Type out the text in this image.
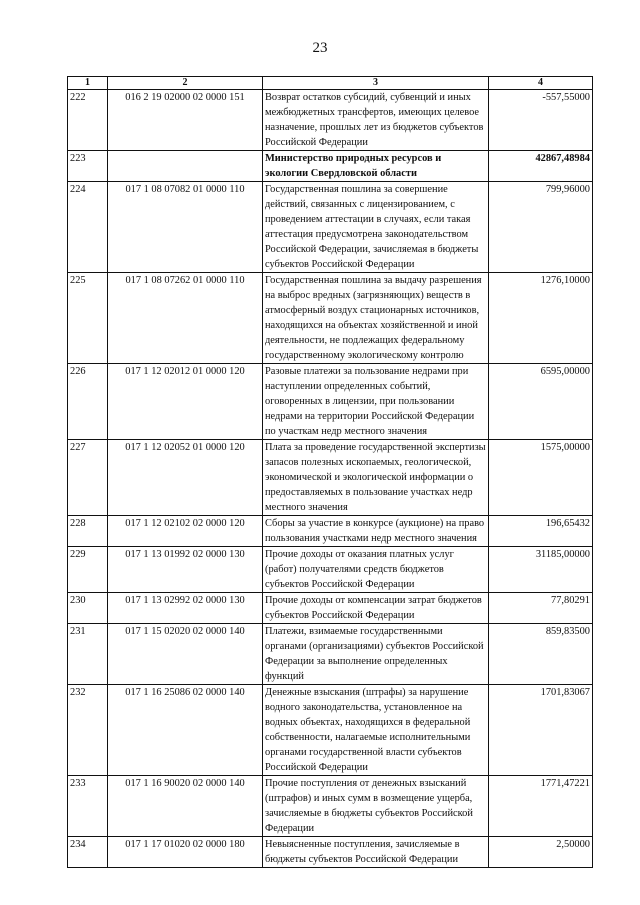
23
1	2	3	4
222	016 2 19 02000 02 0000 151	Возврат остатков субсидий, субвенций и иных межбюджетных трансфертов, имеющих целевое назначение, прошлых лет из бюджетов субъектов Российской Федерации	-557,55000
223		Министерство природных ресурсов и экологии Свердловской области	42867,48984
224	017 1 08 07082 01 0000 110	Государственная пошлина за совершение действий, связанных с лицензированием, с проведением аттестации в случаях, если такая аттестация предусмотрена законодательством Российской Федерации, зачисляемая в бюджеты субъектов Российской Федерации	799,96000
225	017 1 08 07262 01 0000 110	Государственная пошлина за выдачу разрешения на выброс вредных (загрязняющих) веществ в атмосферный воздух стационарных источников, находящихся на объектах хозяйственной и иной деятельности, не подлежащих федеральному государственному экологическому контролю	1276,10000
226	017 1 12 02012 01 0000 120	Разовые платежи за пользование недрами при наступлении определенных событий, оговоренных в лицензии, при пользовании недрами на территории Российской Федерации по участкам недр местного значения	6595,00000
227	017 1 12 02052 01 0000 120	Плата за проведение государственной экспертизы запасов полезных ископаемых, геологической, экономической и экологической информации о предоставляемых в пользование участках недр местного значения	1575,00000
228	017 1 12 02102 02 0000 120	Сборы за участие в конкурсе (аукционе) на право пользования участками недр местного значения	196,65432
229	017 1 13 01992 02 0000 130	Прочие доходы от оказания платных услуг (работ) получателями средств бюджетов субъектов Российской Федерации	31185,00000
230	017 1 13 02992 02 0000 130	Прочие доходы от компенсации затрат бюджетов субъектов Российской Федерации	77,80291
231	017 1 15 02020 02 0000 140	Платежи, взимаемые государственными органами (организациями) субъектов Российской Федерации за выполнение определенных функций	859,83500
232	017 1 16 25086 02 0000 140	Денежные взыскания (штрафы) за нарушение водного законодательства, установленное на водных объектах, находящихся в федеральной собственности, налагаемые исполнительными органами государственной власти субъектов Российской Федерации	1701,83067
233	017 1 16 90020 02 0000 140	Прочие поступления от денежных взысканий (штрафов) и иных сумм в возмещение ущерба, зачисляемые в бюджеты субъектов Российской Федерации	1771,47221
234	017 1 17 01020 02 0000 180	Невыясненные поступления, зачисляемые в бюджеты субъектов Российской Федерации	2,50000
